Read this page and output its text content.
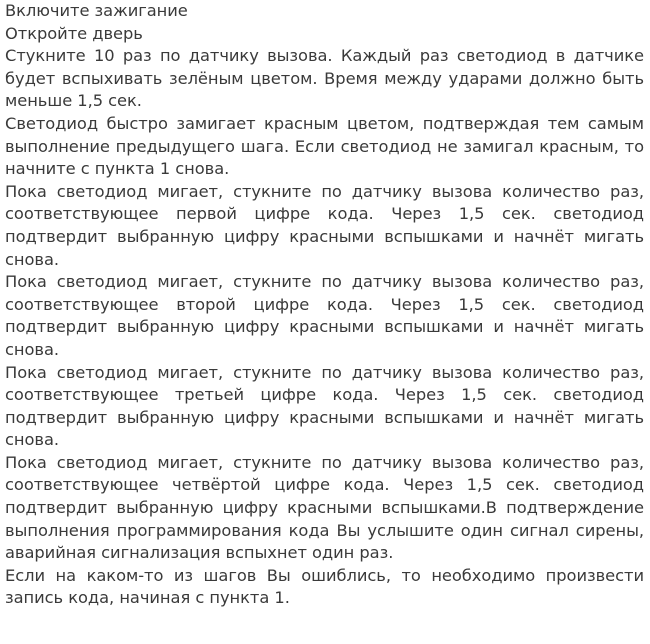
Включите зажигание

Откройте дверь

Стукните 10 раз по датчику вызова. Каждый раз светодиод в датчике будет вспыхивать зелёным цветом. Время между ударами должно быть меньше 1,5 сек.

Светодиод быстро замигает красным цветом, подтверждая тем самым выполнение предыдущего шага. Если светодиод не замигал красным, то начните с пункта 1 снова.

Пока светодиод мигает, стукните по датчику вызова количество раз, соответствующее первой цифре кода. Через 1,5 сек. светодиод подтвердит выбранную цифру красными вспышками и начнёт мигать снова.

Пока светодиод мигает, стукните по датчику вызова количество раз, соответствующее второй цифре кода. Через 1,5 сек. светодиод подтвердит выбранную цифру красными вспышками и начнёт мигать снова.

Пока светодиод мигает, стукните по датчику вызова количество раз, соответствующее третьей цифре кода. Через 1,5 сек. светодиод подтвердит выбранную цифру красными вспышками и начнёт мигать снова.

Пока светодиод мигает, стукните по датчику вызова количество раз, соответствующее четвёртой цифре кода. Через 1,5 сек. светодиод подтвердит выбранную цифру красными вспышками.В подтверждение выполнения программирования кода Вы услышите один сигнал сирены, аварийная сигнализация вспыхнет один раз.

Если на каком-то из шагов Вы ошиблись, то необходимо произвести запись кода, начиная с пункта 1.
